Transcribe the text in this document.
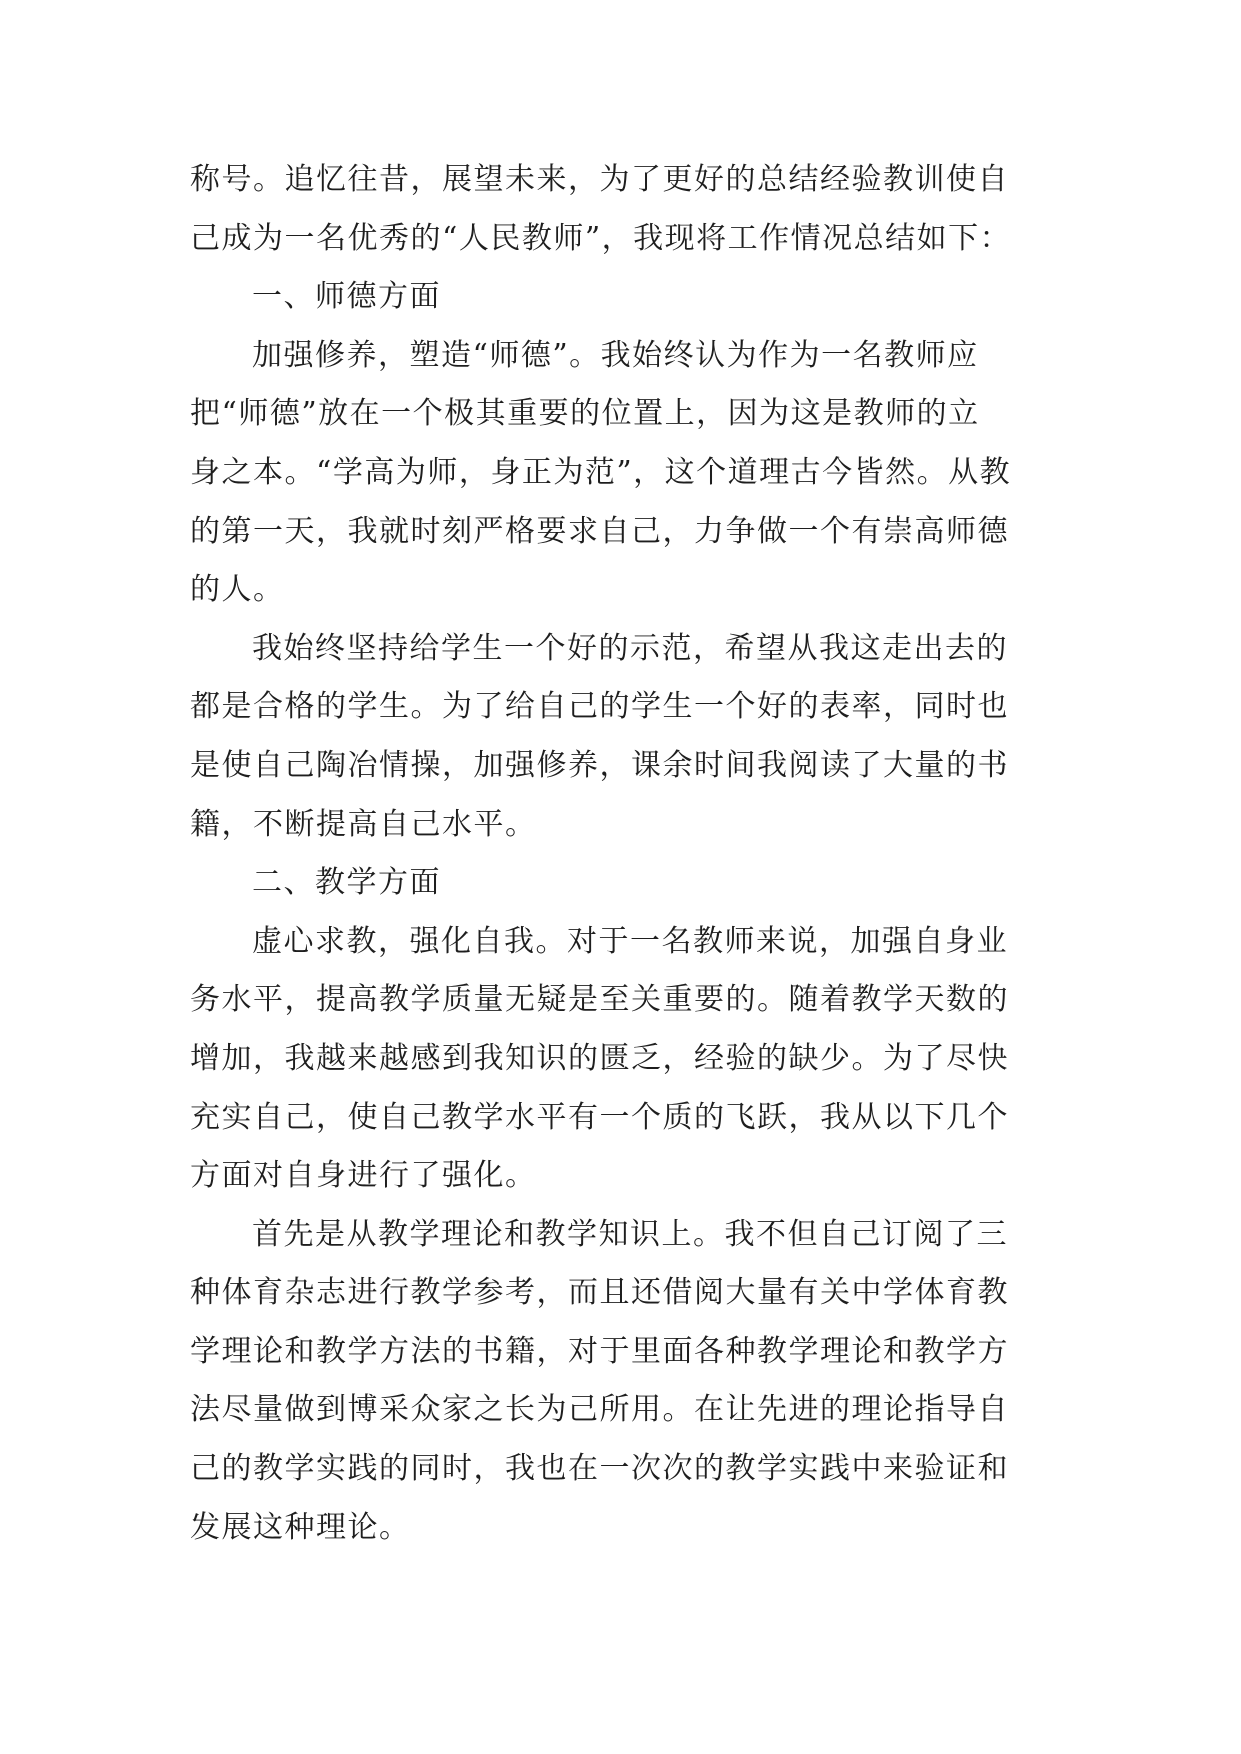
称号。追忆往昔，展望未来，为了更好的总结经验教训使自
己成为一名优秀的“人民教师”，我现将工作情况总结如下：
一、师德方面
加强修养，塑造“师德”。我始终认为作为一名教师应
把“师德”放在一个极其重要的位置上，因为这是教师的立
身之本。“学高为师，身正为范”，这个道理古今皆然。从教
的第一天，我就时刻严格要求自己，力争做一个有崇高师德
的人。
我始终坚持给学生一个好的示范，希望从我这走出去的
都是合格的学生。为了给自己的学生一个好的表率，同时也
是使自己陶冶情操，加强修养，课余时间我阅读了大量的书
籍，不断提高自己水平。
二、教学方面
虚心求教，强化自我。对于一名教师来说，加强自身业
务水平，提高教学质量无疑是至关重要的。随着教学天数的
增加，我越来越感到我知识的匮乏，经验的缺少。为了尽快
充实自己，使自己教学水平有一个质的飞跃，我从以下几个
方面对自身进行了强化。
首先是从教学理论和教学知识上。我不但自己订阅了三
种体育杂志进行教学参考，而且还借阅大量有关中学体育教
学理论和教学方法的书籍，对于里面各种教学理论和教学方
法尽量做到博采众家之长为己所用。在让先进的理论指导自
己的教学实践的同时，我也在一次次的教学实践中来验证和
发展这种理论。
